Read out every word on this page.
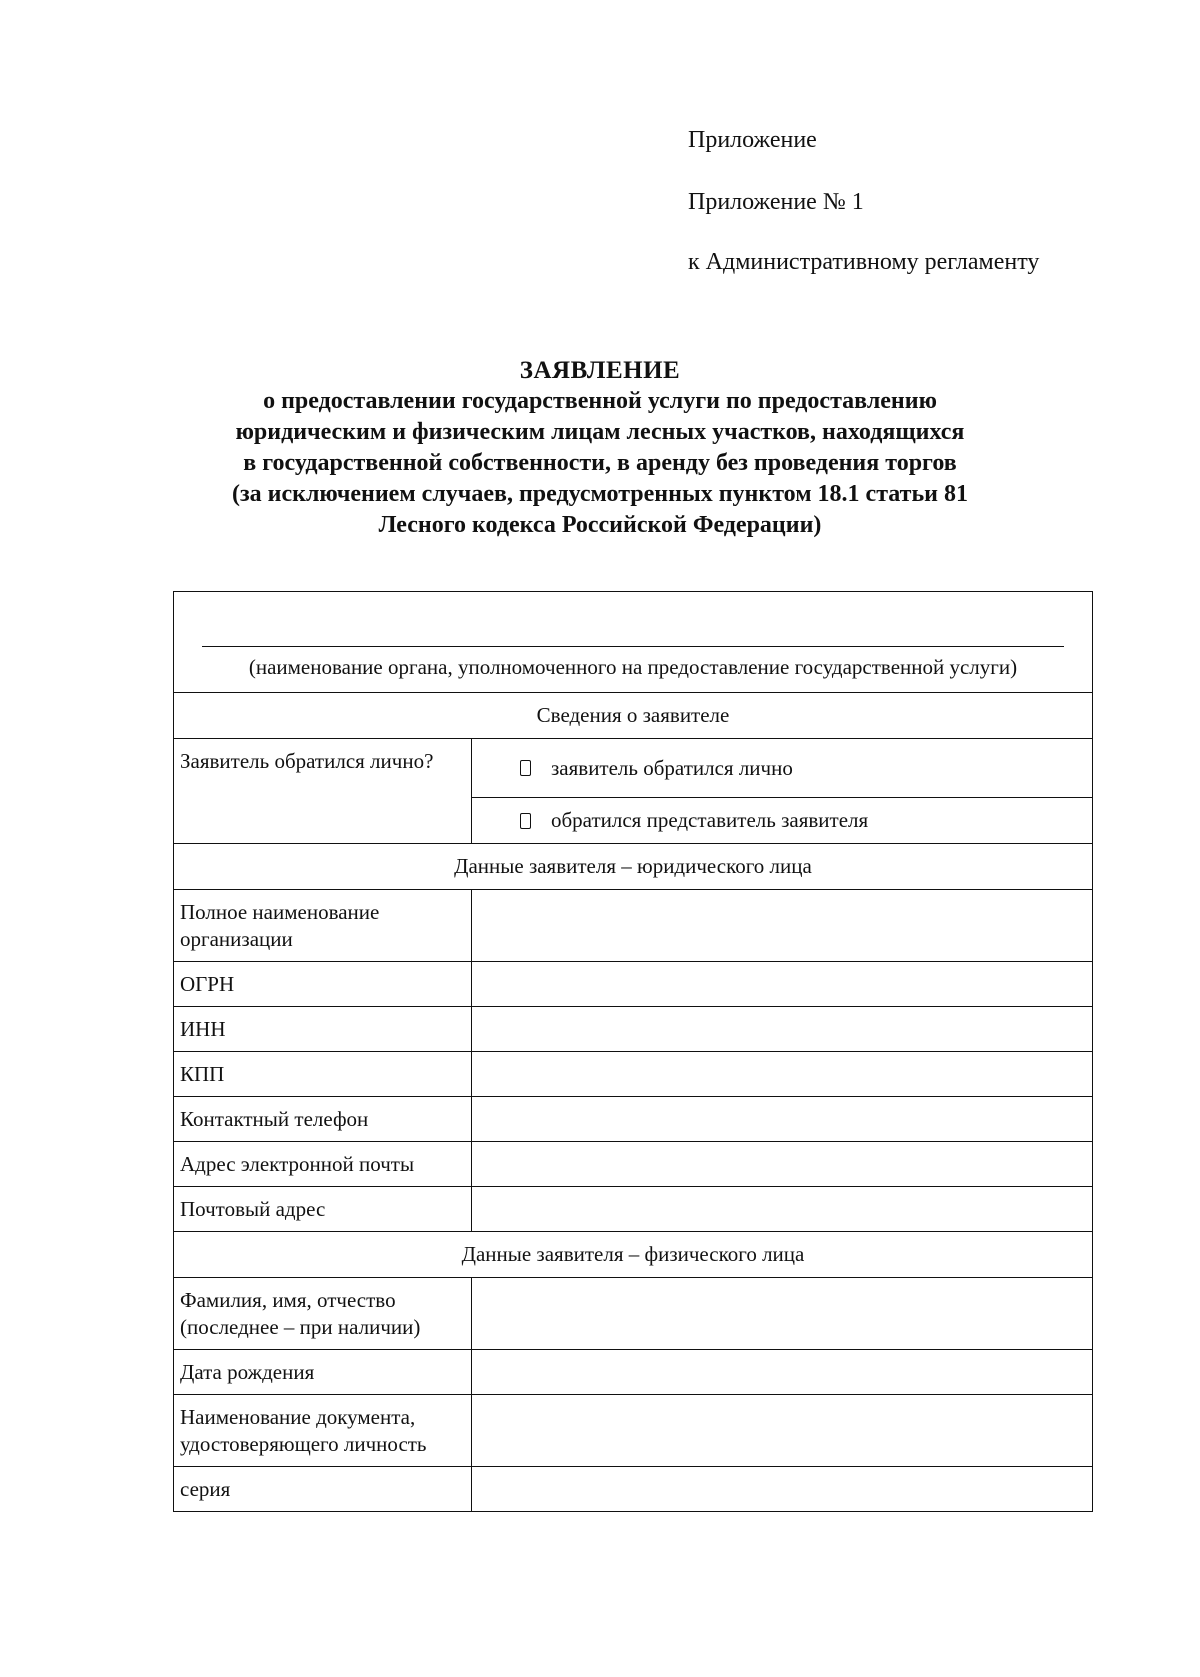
Приложение
Приложение № 1
к Административному регламенту
ЗАЯВЛЕНИЕ
о предоставлении государственной услуги по предоставлению
юридическим и физическим лицам лесных участков, находящихся
в государственной собственности, в аренду без проведения торгов
(за исключением случаев, предусмотренных пунктом 18.1 статьи 81
Лесного кодекса Российской Федерации)
(наименование органа, уполномоченного на предоставление государственной услуги)	

Сведения о заявителе	
Заявитель обратился лично?	заявитель обратился лично

	обратился представитель заявителя

Данные заявителя – юридического лица	
Полное наименование организации	
ОГРН	
ИНН	
КПП	
Контактный телефон	
Адрес электронной почты	
Почтовый адрес	
Данные заявителя – физического лица	
Фамилия, имя, отчество (последнее – при наличии)	
Дата рождения	
Наименование документа, удостоверяющего личность	
серия	
